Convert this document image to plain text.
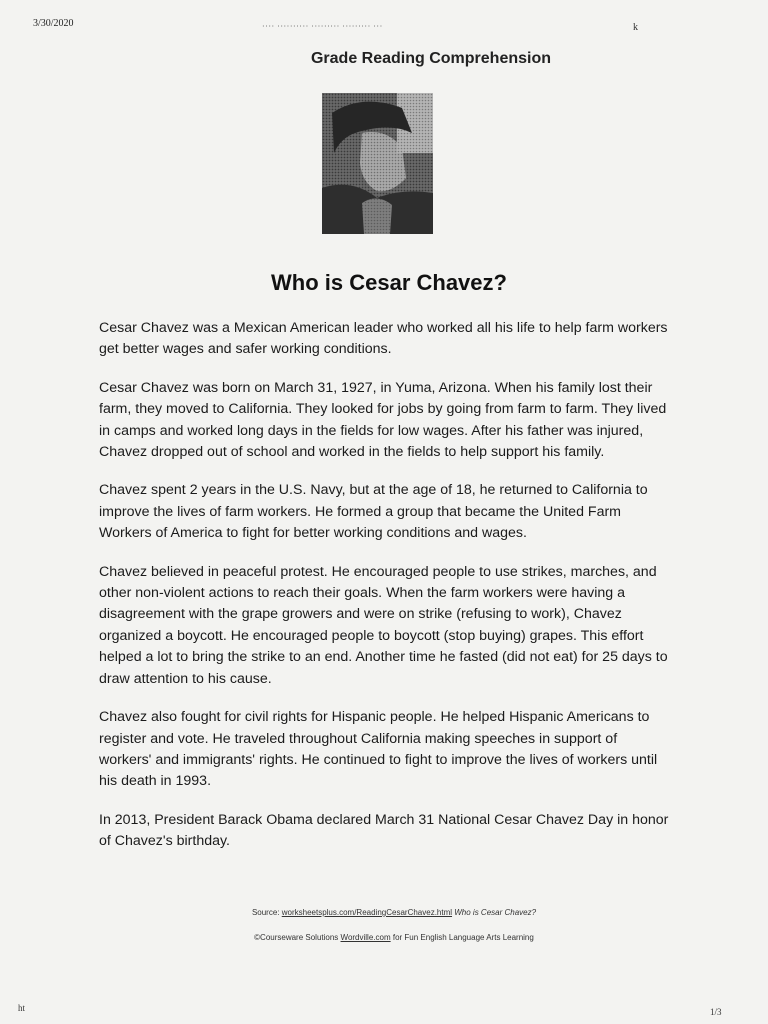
3/30/2020	···· ·········· ········· ········· ···	k
Grade Reading Comprehension
Who is Cesar Chavez?

Cesar Chavez was a Mexican American leader who worked all his life to help farm workers get better wages and safer working conditions.

Cesar Chavez was born on March 31, 1927, in Yuma, Arizona. When his family lost their farm, they moved to California. They looked for jobs by going from farm to farm. They lived in camps and worked long days in the fields for low wages. After his father was injured, Chavez dropped out of school and worked in the fields to help support his family.

Chavez spent 2 years in the U.S. Navy, but at the age of 18, he returned to California to improve the lives of farm workers. He formed a group that became the United Farm Workers of America to fight for better working conditions and wages.

Chavez believed in peaceful protest. He encouraged people to use strikes, marches, and other non-violent actions to reach their goals. When the farm workers were having a disagreement with the grape growers and were on strike (refusing to work), Chavez organized a boycott. He encouraged people to boycott (stop buying) grapes. This effort helped a lot to bring the strike to an end. Another time he fasted (did not eat) for 25 days to draw attention to his cause.

Chavez also fought for civil rights for Hispanic people. He helped Hispanic Americans to register and vote. He traveled throughout California making speeches in support of workers' and immigrants' rights. He continued to fight to improve the lives of workers until his death in 1993.

In 2013, President Barack Obama declared March 31 National Cesar Chavez Day in honor of Chavez's birthday.

Source: worksheetsplus.com/ReadingCesarChavez.html Who is Cesar Chavez?
©Courseware Solutions Wordville.com for Fun English Language Arts Learning
ht	1/3
